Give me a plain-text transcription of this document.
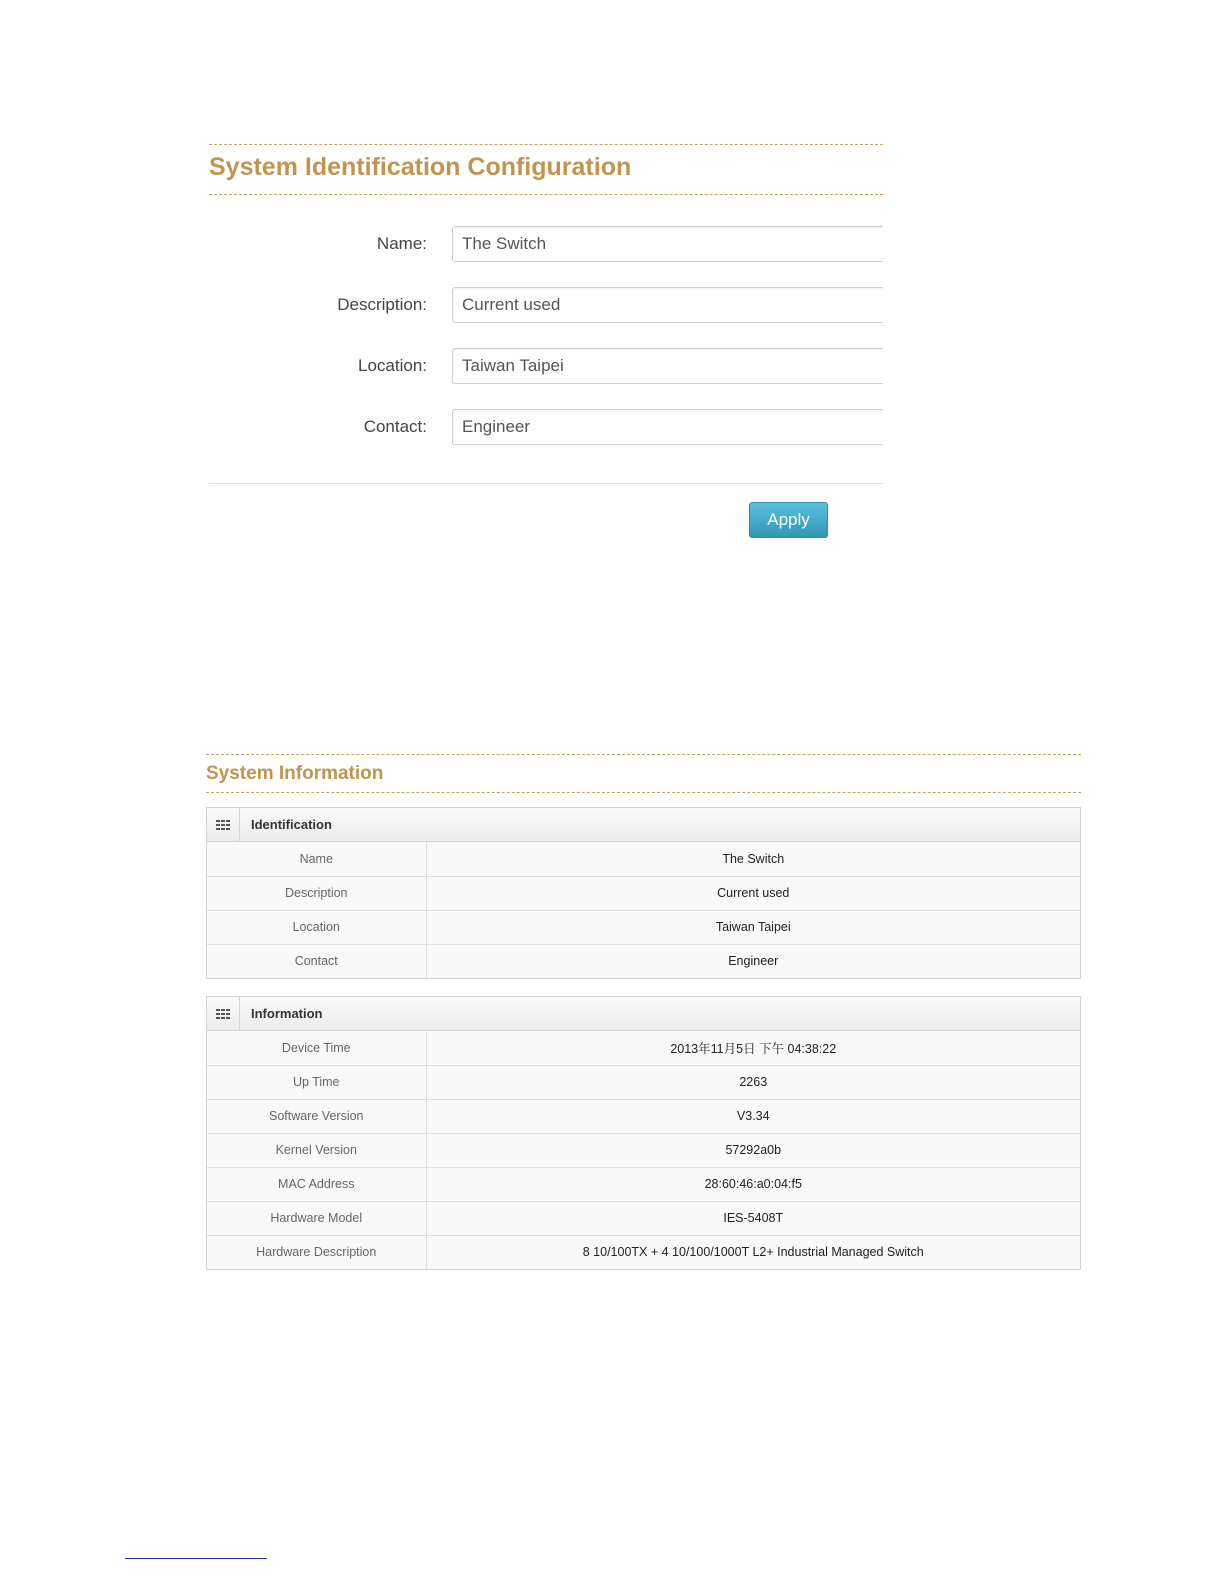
System Identification Configuration
Name:
The Switch
Description:
Current used
Location:
Taiwan Taipei
Contact:
Engineer
Apply
System Information
Identification
Name	The Switch
Description	Current used
Location	Taiwan Taipei
Contact	Engineer
Information
Device Time	2013年11月5日 下午 04:38:22
Up Time	2263
Software Version	V3.34
Kernel Version	57292a0b
MAC Address	28:60:46:a0:04:f5
Hardware Model	IES-5408T
Hardware Description	8 10/100TX + 4 10/100/1000T L2+ Industrial Managed Switch
